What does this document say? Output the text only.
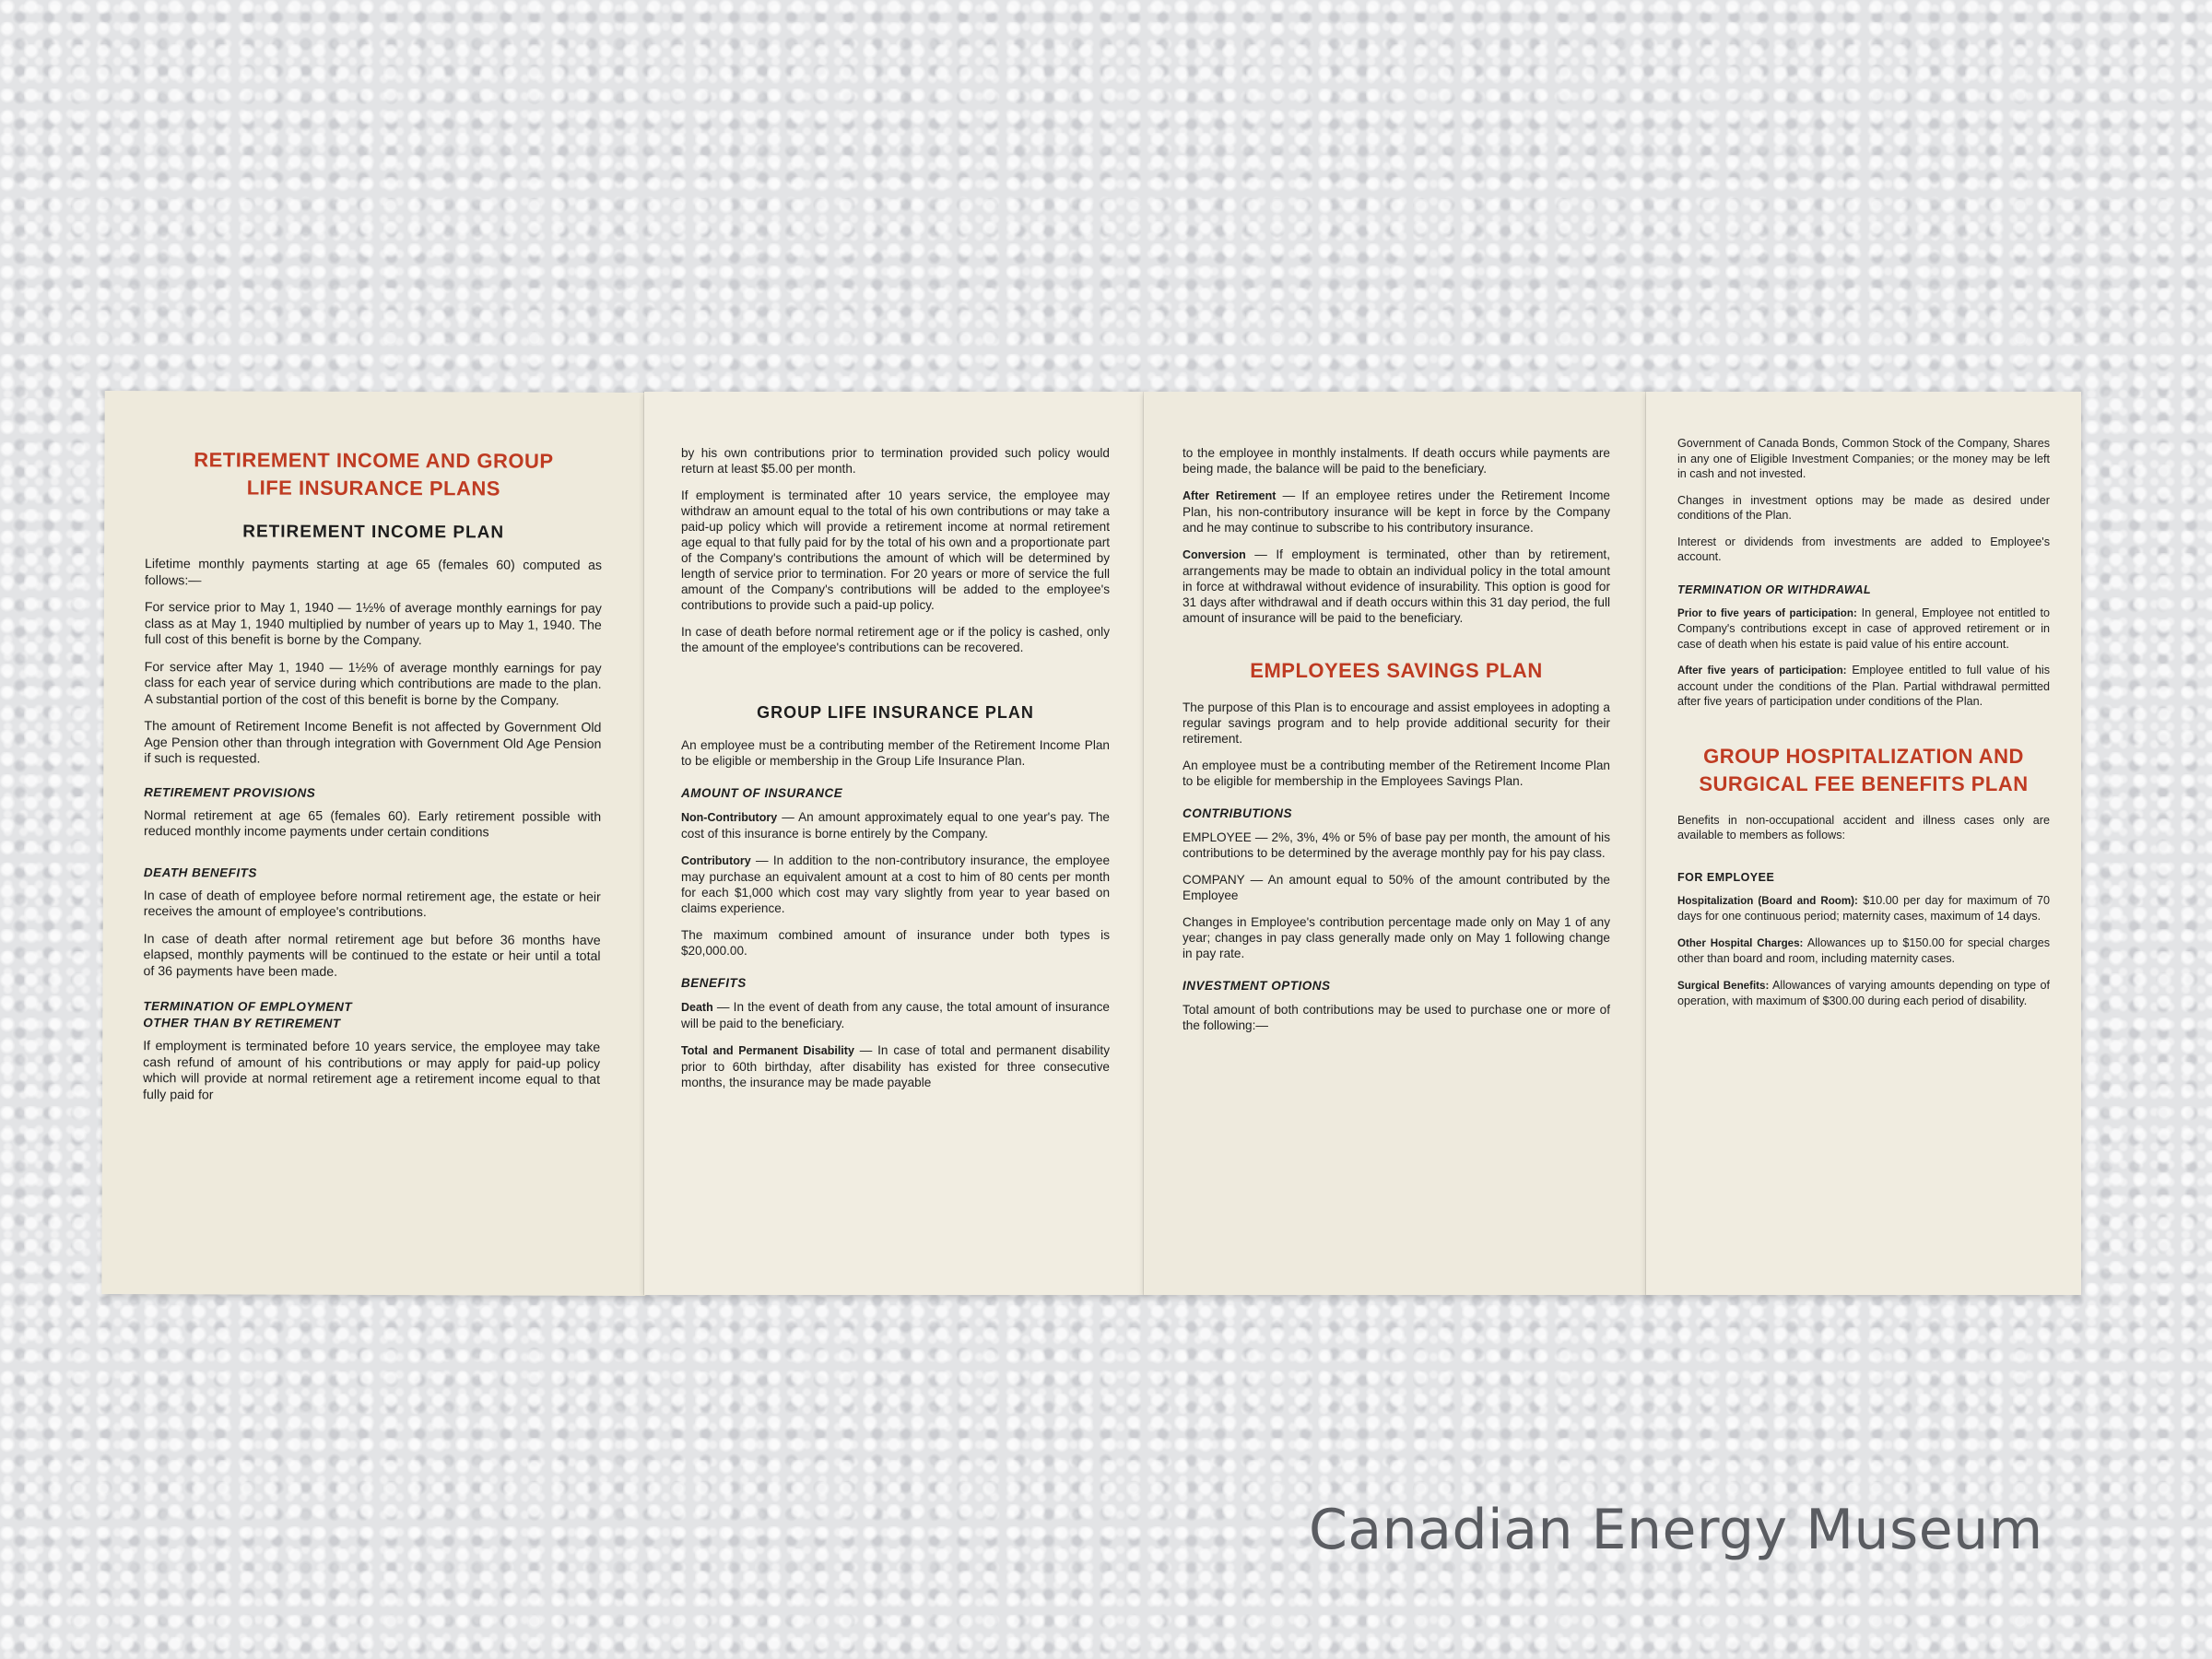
RETIREMENT INCOME AND GROUP
LIFE INSURANCE PLANS
RETIREMENT INCOME PLAN

Lifetime monthly payments starting at age 65 (females 60) computed as follows:—

For service prior to May 1, 1940 — 1½% of average monthly earnings for pay class as at May 1, 1940 multiplied by number of years up to May 1, 1940. The full cost of this benefit is borne by the Company.

For service after May 1, 1940 — 1½% of average monthly earnings for pay class for each year of service during which contributions are made to the plan. A substantial portion of the cost of this benefit is borne by the Company.

The amount of Retirement Income Benefit is not affected by Government Old Age Pension other than through integration with Government Old Age Pension if such is requested.

RETIREMENT PROVISIONS

Normal retirement at age 65 (females 60). Early retirement possible with reduced monthly income payments under certain conditions

DEATH BENEFITS

In case of death of employee before normal retirement age, the estate or heir receives the amount of employee's contributions.

In case of death after normal retirement age but before 36 months have elapsed, monthly payments will be continued to the estate or heir until a total of 36 payments have been made.

TERMINATION OF EMPLOYMENT
OTHER THAN BY RETIREMENT

If employment is terminated before 10 years service, the employee may take cash refund of amount of his contributions or may apply for paid-up policy which will provide at normal retirement age a retirement income equal to that fully paid for

by his own contributions prior to termination provided such policy would return at least $5.00 per month.

If employment is terminated after 10 years service, the employee may withdraw an amount equal to the total of his own contributions or may take a paid-up policy which will provide a retirement income at normal retirement age equal to that fully paid for by the total of his own and a proportionate part of the Company's contributions the amount of which will be determined by length of service prior to termination. For 20 years or more of service the full amount of the Company's contributions will be added to the employee's contributions to provide such a paid-up policy.

In case of death before normal retirement age or if the policy is cashed, only the amount of the employee's contributions can be recovered.

GROUP LIFE INSURANCE PLAN

An employee must be a contributing member of the Retirement Income Plan to be eligible or membership in the Group Life Insurance Plan.

AMOUNT OF INSURANCE

Non-Contributory — An amount approximately equal to one year's pay. The cost of this insurance is borne entirely by the Company.

Contributory — In addition to the non-contributory insurance, the employee may purchase an equivalent amount at a cost to him of 80 cents per month for each $1,000 which cost may vary slightly from year to year based on claims experience.

The maximum combined amount of insurance under both types is $20,000.00.

BENEFITS

Death — In the event of death from any cause, the total amount of insurance will be paid to the beneficiary.

Total and Permanent Disability — In case of total and permanent disability prior to 60th birthday, after disability has existed for three consecutive months, the insurance may be made payable

to the employee in monthly instalments. If death occurs while payments are being made, the balance will be paid to the beneficiary.

After Retirement — If an employee retires under the Retirement Income Plan, his non-contributory insurance will be kept in force by the Company and he may continue to subscribe to his contributory insurance.

Conversion — If employment is terminated, other than by retirement, arrangements may be made to obtain an individual policy in the total amount in force at withdrawal without evidence of insurability. This option is good for 31 days after withdrawal and if death occurs within this 31 day period, the full amount of insurance will be paid to the beneficiary.

EMPLOYEES SAVINGS PLAN

The purpose of this Plan is to encourage and assist employees in adopting a regular savings program and to help provide additional security for their retirement.

An employee must be a contributing member of the Retirement Income Plan to be eligible for membership in the Employees Savings Plan.

CONTRIBUTIONS

EMPLOYEE — 2%, 3%, 4% or 5% of base pay per month, the amount of his contributions to be determined by the average monthly pay for his pay class.

COMPANY — An amount equal to 50% of the amount contributed by the Employee

Changes in Employee's contribution percentage made only on May 1 of any year; changes in pay class generally made only on May 1 following change in pay rate.

INVESTMENT OPTIONS

Total amount of both contributions may be used to purchase one or more of the following:—

Government of Canada Bonds, Common Stock of the Company, Shares in any one of Eligible Investment Companies; or the money may be left in cash and not invested.

Changes in investment options may be made as desired under conditions of the Plan.

Interest or dividends from investments are added to Employee's account.

TERMINATION OR WITHDRAWAL

Prior to five years of participation: In general, Employee not entitled to Company's contributions except in case of approved retirement or in case of death when his estate is paid value of his entire account.

After five years of participation: Employee entitled to full value of his account under the conditions of the Plan. Partial withdrawal permitted after five years of participation under conditions of the Plan.

GROUP HOSPITALIZATION AND
SURGICAL FEE BENEFITS PLAN

Benefits in non-occupational accident and illness cases only are available to members as follows:

FOR EMPLOYEE

Hospitalization (Board and Room): $10.00 per day for maximum of 70 days for one continuous period; maternity cases, maximum of 14 days.

Other Hospital Charges: Allowances up to $150.00 for special charges other than board and room, including maternity cases.

Surgical Benefits: Allowances of varying amounts depending on type of operation, with maximum of $300.00 during each period of disability.

Canadian Energy Museum
